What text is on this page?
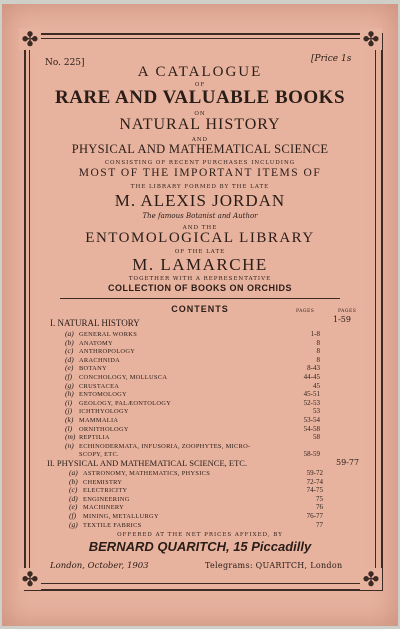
✤	✤
✤	✤
No. 225]	[Price 1s
A CATALOGUE
OF
RARE AND VALUABLE BOOKS
ON
NATURAL HISTORY
AND
PHYSICAL AND MATHEMATICAL SCIENCE
CONSISTING OF RECENT PURCHASES INCLUDING
MOST OF THE IMPORTANT ITEMS OF
THE LIBRARY FORMED BY THE LATE
M. ALEXIS JORDAN
The famous Botanist and Author
AND THE
ENTOMOLOGICAL LIBRARY
OF THE LATE
M. LAMARCHE
TOGETHER WITH A REPRESENTATIVE
COLLECTION OF BOOKS ON ORCHIDS
CONTENTS	PAGES	PAGES
I. NATURAL HISTORY	1-59
(a) GENERAL WORKS	1-8
(b) ANATOMY	8
(c) ANTHROPOLOGY	8
(d) ARACHNIDA	8
(e) BOTANY	8-43
(f) CONCHOLOGY, MOLLUSCA	44-45
(g) CRUSTACEA	45
(h) ENTOMOLOGY	45-51
(i) GEOLOGY, PALÆONTOLOGY	52-53
(j) ICHTHYOLOGY	53
(k) MAMMALIA	53-54
(l) ORNITHOLOGY	54-58
(m) REPTILIA	58
(n) ECHINODERMATA, INFUSORIA, ZOOPHYTES, MICRO-
SCOPY, ETC.	58-59
II. PHYSICAL AND MATHEMATICAL SCIENCE, ETC.	59-77
(a) ASTRONOMY, MATHEMATICS, PHYSICS	59-72
(b) CHEMISTRY	72-74
(c) ELECTRICITY	74-75
(d) ENGINEERING	75
(e) MACHINERY	76
(f) MINING, METALLURGY	76-77
(g) TEXTILE FABRICS	77
OFFERED AT THE NET PRICES AFFIXED, BY
BERNARD QUARITCH, 15 Piccadilly
London, October, 1903	Telegrams: QUARITCH, London
